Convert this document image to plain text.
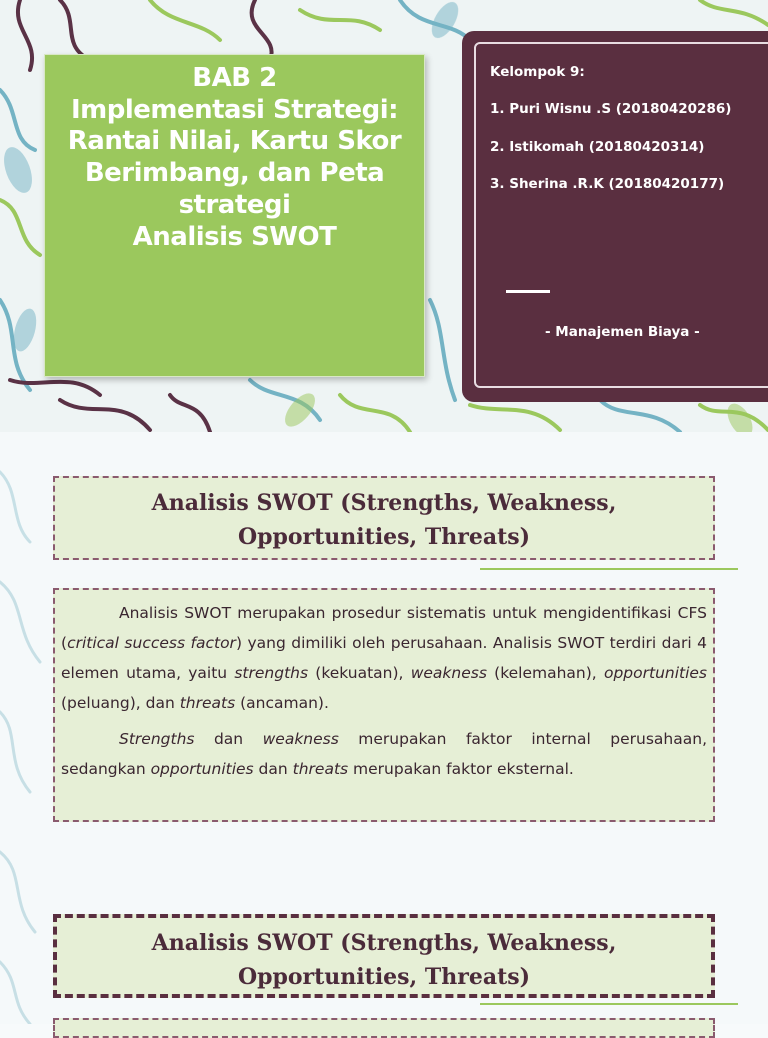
BAB 2
Implementasi Strategi:
Rantai Nilai, Kartu Skor
Berimbang, dan Peta
strategi
Analisis SWOT
Kelompok 9:
1. Puri Wisnu .S (20180420286)
2. Istikomah (20180420314)
3. Sherina .R.K (20180420177)
- Manajemen Biaya -
Analisis SWOT (Strengths, Weakness,
Opportunities, Threats)
Analisis SWOT merupakan prosedur sistematis untuk mengidentifikasi CFS (critical success factor) yang dimiliki oleh perusahaan. Analisis SWOT terdiri dari 4 elemen utama, yaitu strengths (kekuatan), weakness (kelemahan), opportunities (peluang), dan threats (ancaman).
Strengths dan weakness merupakan faktor internal perusahaan, sedangkan opportunities dan threats merupakan faktor eksternal.
Analisis SWOT (Strengths, Weakness,
Opportunities, Threats)
